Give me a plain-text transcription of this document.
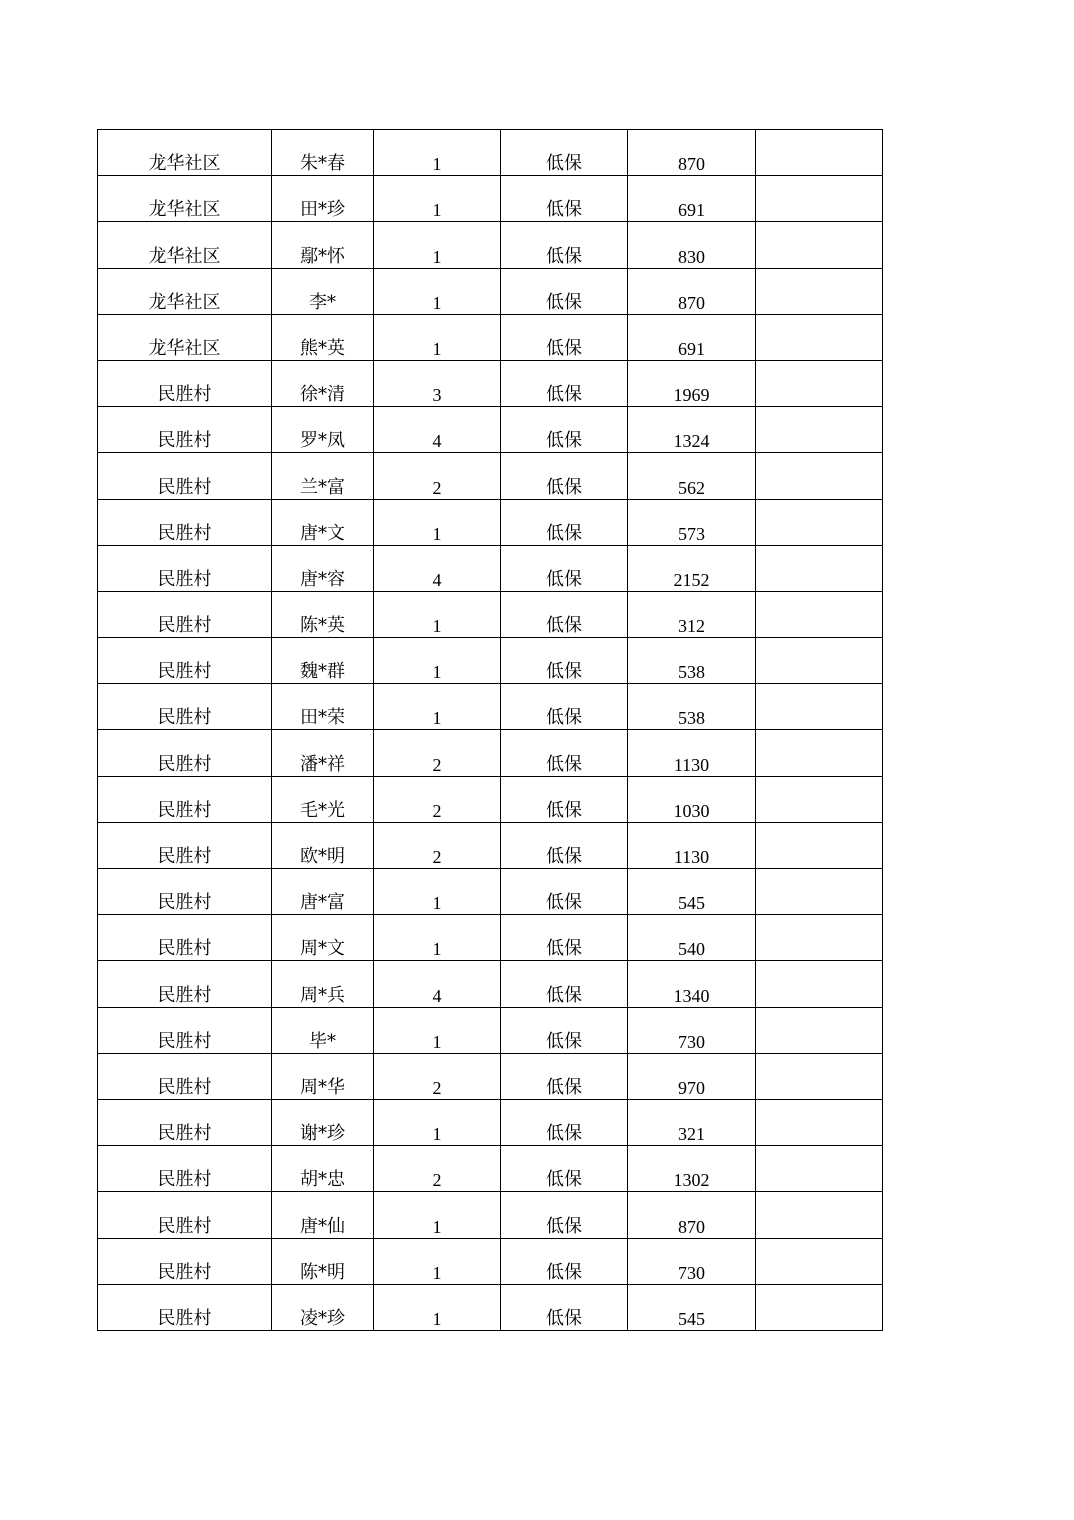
龙华社区	朱*春	1	低保	870	
龙华社区	田*珍	1	低保	691	
龙华社区	鄢*怀	1	低保	830	
龙华社区	李*	1	低保	870	
龙华社区	熊*英	1	低保	691	
民胜村	徐*清	3	低保	1969	
民胜村	罗*凤	4	低保	1324	
民胜村	兰*富	2	低保	562	
民胜村	唐*文	1	低保	573	
民胜村	唐*容	4	低保	2152	
民胜村	陈*英	1	低保	312	
民胜村	魏*群	1	低保	538	
民胜村	田*荣	1	低保	538	
民胜村	潘*祥	2	低保	1130	
民胜村	毛*光	2	低保	1030	
民胜村	欧*明	2	低保	1130	
民胜村	唐*富	1	低保	545	
民胜村	周*文	1	低保	540	
民胜村	周*兵	4	低保	1340	
民胜村	毕*	1	低保	730	
民胜村	周*华	2	低保	970	
民胜村	谢*珍	1	低保	321	
民胜村	胡*忠	2	低保	1302	
民胜村	唐*仙	1	低保	870	
民胜村	陈*明	1	低保	730	
民胜村	凌*珍	1	低保	545	
